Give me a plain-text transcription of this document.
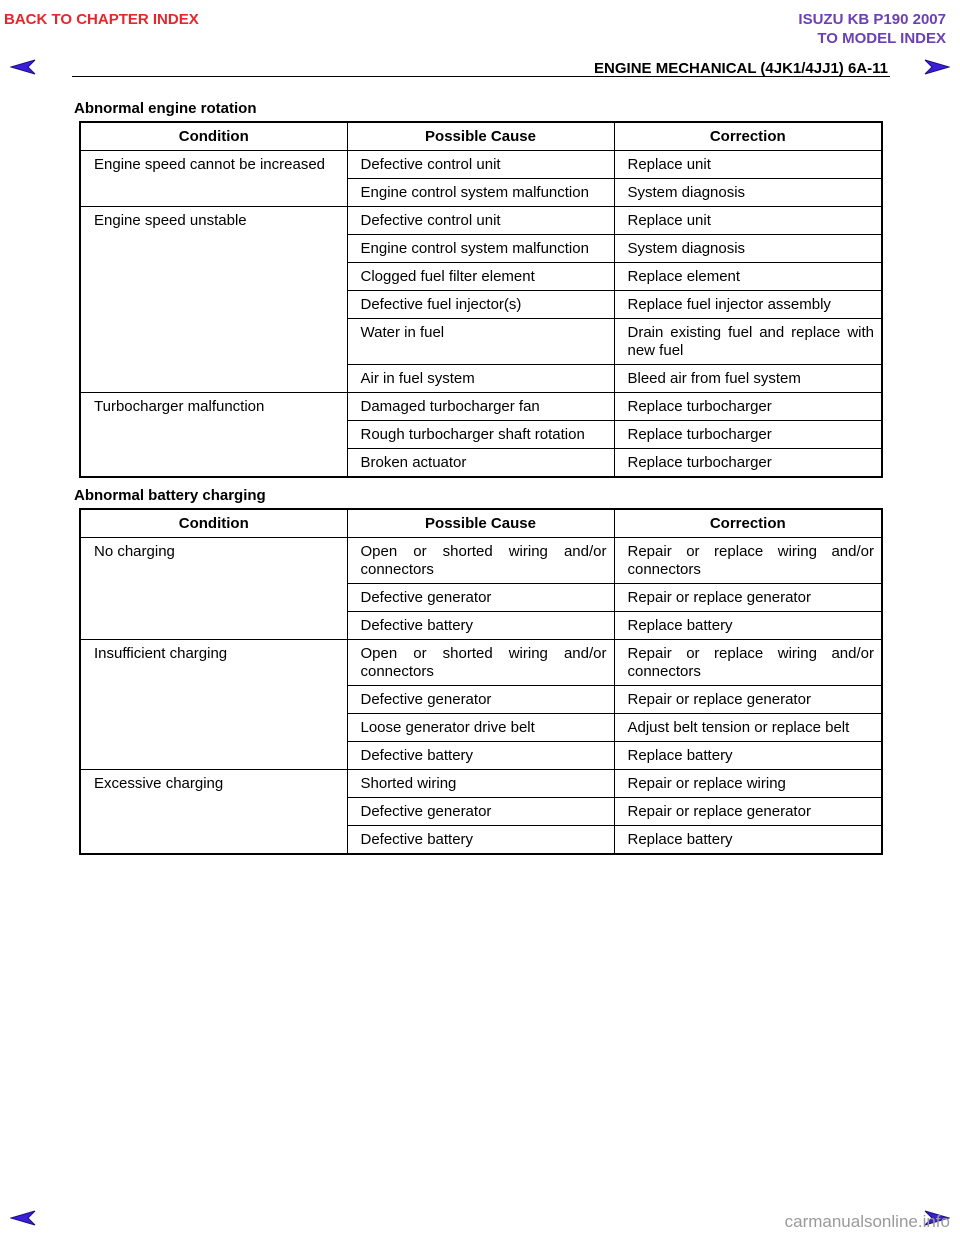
BACK TO CHAPTER INDEX	ISUZU KB P190 2007
TO MODEL INDEX
ENGINE MECHANICAL (4JK1/4JJ1) 6A-11
Abnormal engine rotation
Condition	Possible Cause	Correction
Engine speed cannot be increased	Defective control unit	Replace unit
	Engine control system malfunction	System diagnosis
Engine speed unstable	Defective control unit	Replace unit
	Engine control system malfunction	System diagnosis
	Clogged fuel filter element	Replace element
	Defective fuel injector(s)	Replace fuel injector assembly
	Water in fuel	Drain existing fuel and replace with new fuel
	Air in fuel system	Bleed air from fuel system
Turbocharger malfunction	Damaged turbocharger fan	Replace turbocharger
	Rough turbocharger shaft rotation	Replace turbocharger
	Broken actuator	Replace turbocharger
Abnormal battery charging
Condition	Possible Cause	Correction
No charging	Open or shorted wiring and/or connectors	Repair or replace wiring and/or connectors
	Defective generator	Repair or replace generator
	Defective battery	Replace battery
Insufficient charging	Open or shorted wiring and/or connectors	Repair or replace wiring and/or connectors
	Defective generator	Repair or replace generator
	Loose generator drive belt	Adjust belt tension or replace belt
	Defective battery	Replace battery
Excessive charging	Shorted wiring	Repair or replace wiring
	Defective generator	Repair or replace generator
	Defective battery	Replace battery
carmanualsonline.info
